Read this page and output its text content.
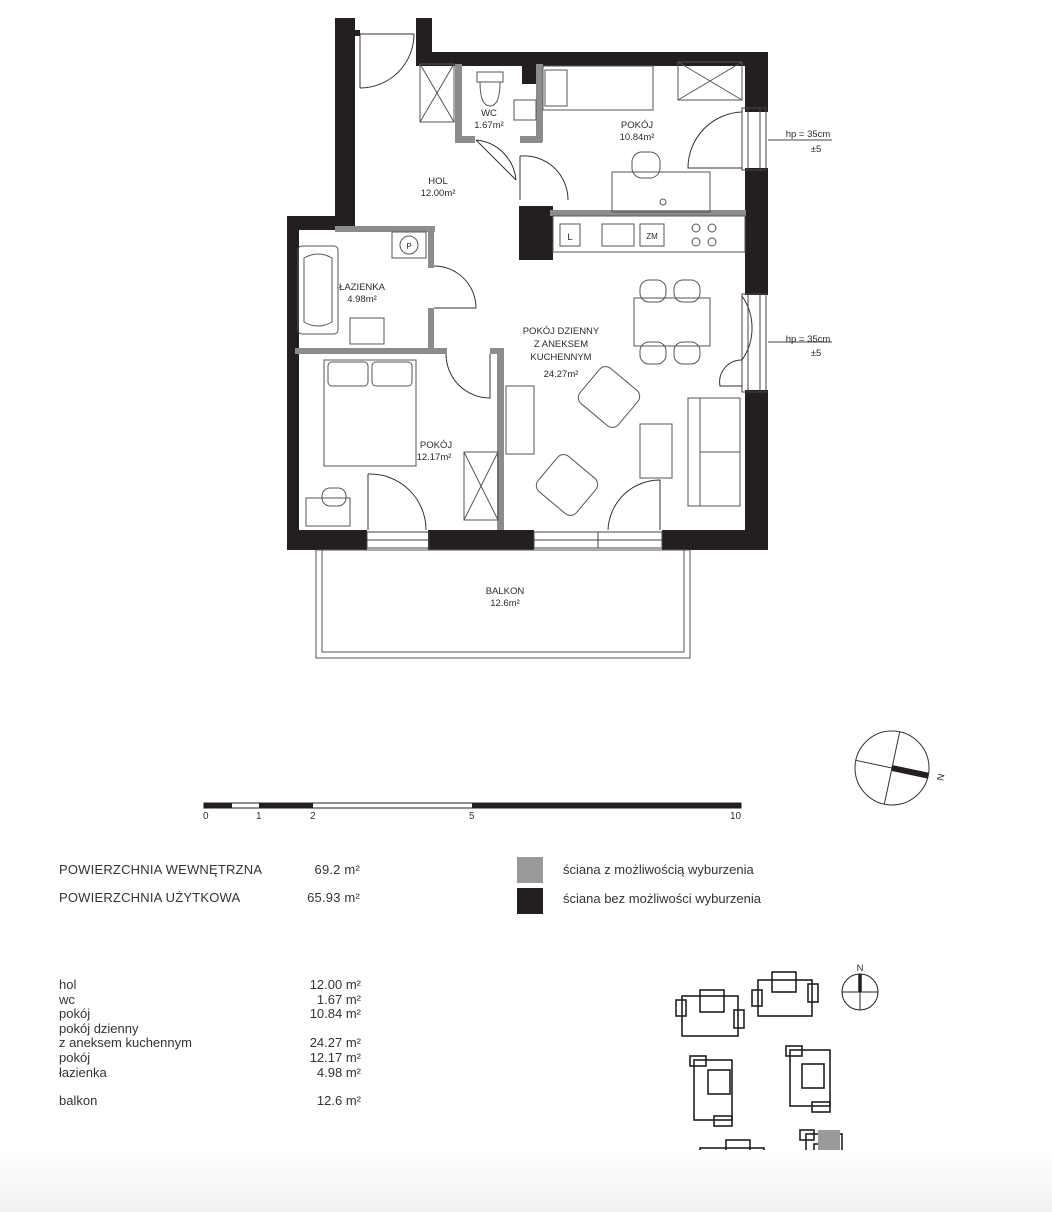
WC
1.67m²	POKÓJ
10.84m²
HOL
12.00m²
ŁAZIENKA
4.98m²
POKÓJ DZIENNY
Z ANEKSEM
KUCHENNYM
24.27m²
POKÓJ
12.17m²
BALKON
12.6m²
L	ZM
P
hp = 35cm
±5
hp = 35cm
±5
N
N
0	1	2	5	10
POWIERZCHNIA WEWNĘTRZNA	69.2 m²
POWIERZCHNIA UŻYTKOWA	65.93 m²
ściana z możliwością wyburzenia
ściana bez możliwości wyburzenia
hol	12.00 m²
wc	1.67 m²
pokój	10.84 m²
pokój dzienny
z aneksem kuchennym	24.27 m²
pokój	12.17 m²
łazienka	4.98 m²
balkon	12.6 m²
